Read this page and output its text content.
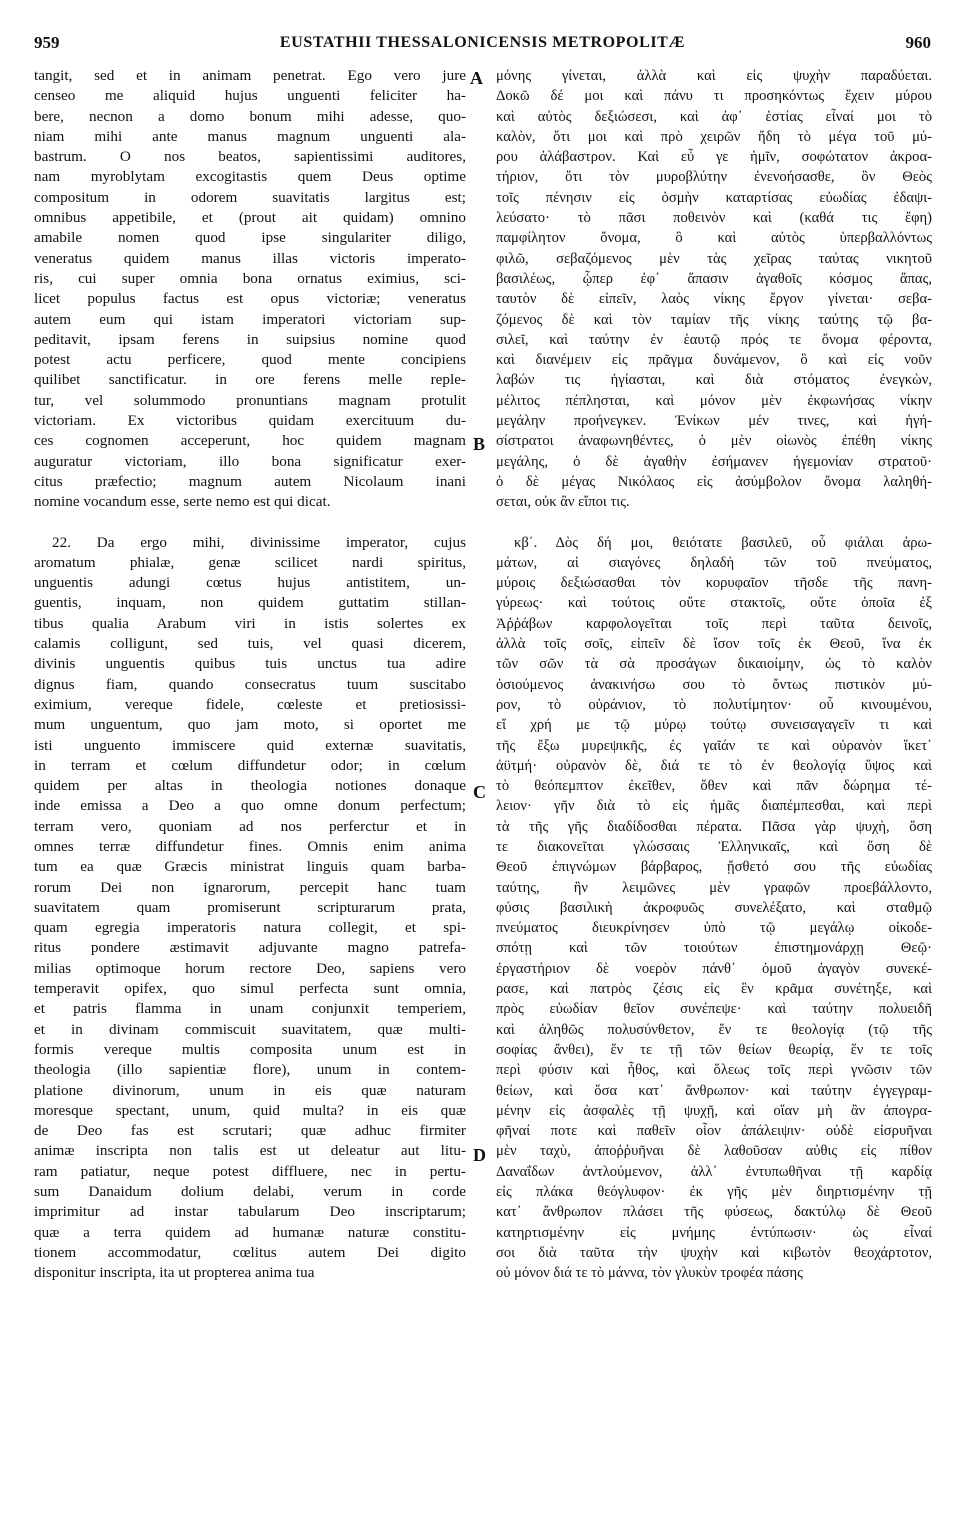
959	EUSTATHII THESSALONICENSIS METROPOLITÆ	960
tangit, sed et in animam penetrat. Ego vero jure
censeo me aliquid hujus unguenti feliciter ha-
bere, necnon a domo bonum mihi adesse, quo-
niam mihi ante manus magnum unguenti ala-
bastrum. O nos beatos, sapientissimi auditores,
nam myroblytam excogitastis quem Deus optime
compositum in odorem suavitatis largitus est;
omnibus appetibile, et (prout ait quidam) omnino
amabile nomen quod ipse singulariter diligo,
veneratus quidem manus illas victoris imperato-
ris, cui super omnia bona ornatus eximius, sci-
licet populus factus est opus victoriæ; veneratus
autem eum qui istam imperatori victoriam sup-
peditavit, ipsam ferens in suipsius nomine quod
potest actu perficere, quod mente concipiens
quilibet sanctificatur. in ore ferens melle reple-
tur, vel solummodo pronuntians magnam protulit
victoriam. Ex victoribus quidam exercituum du-
ces cognomen acceperunt, hoc quidem magnam
auguratur victoriam, illo bona significatur exer-
citus præfectio; magnum autem Nicolaum inani
nomine vocandum esse, serte nemo est qui dicat.
22. Da ergo mihi, divinissime imperator, cujus
aromatum phialæ, genæ scilicet nardi spiritus,
unguentis adungi cœtus hujus antistitem, un-
guentis, inquam, non quidem guttatim stillan-
tibus qualia Arabum viri in istis solertes ex
calamis colligunt, sed tuis, vel quasi dicerem,
divinis unguentis quibus tuis unctus tua adire
dignus fiam, quando consecratus tuum suscitabo
eximium, vereque fidele, cœleste et pretiosissi-
mum unguentum, quo jam moto, si oportet me
isti unguento immiscere quid externæ suavitatis,
in terram et cœlum diffundetur odor; in cœlum
quidem per altas in theologia notiones donaque
inde emissa a Deo a quo omne donum perfectum;
terram vero, quoniam ad nos perferctur et in
omnes terræ diffundetur fines. Omnis enim anima
tum ea quæ Græcis ministrat linguis quam barba-
rorum Dei non ignarorum, percepit hanc tuam
suavitatem quam promiserunt scripturarum prata,
quam egregia imperatoris natura collegit, et spi-
ritus pondere æstimavit adjuvante magno patrefa-
milias optimoque horum rectore Deo, sapiens vero
temperavit opifex, quo simul perfecta sunt omnia,
et patris flamma in unam conjunxit temperiem,
et in divinam commiscuit suavitatem, quæ multi-
formis vereque multis composita unum est in
theologia (illo sapientiæ flore), unum in contem-
platione divinorum, unum in eis quæ naturam
moresque spectant, unum, quid multa? in eis quæ
de Deo fas est scrutari; quæ adhuc firmiter
animæ inscripta non talis est ut deleatur aut litu-
ram patiatur, neque potest diffluere, nec in pertu-
sum Danaidum dolium delabi, verum in corde
imprimitur ad instar tabularum Deo inscriptarum;
quæ a terra quidem ad humanæ naturæ constitu-
tionem accommodatur, cœlitus autem Dei digito
disponitur inscripta, ita ut propterea anima tua
μόνης γίνεται, ἀλλὰ καὶ εἰς ψυχὴν παραδύεται.
Δοκῶ δέ μοι καὶ πάνυ τι προσηκόντως ἔχειν μύρου
καὶ αὐτὸς δεξιώσεσι, καὶ ἀφ᾽ ἑστίας εἶναί μοι τὸ
καλὸν, ὅτι μοι καὶ πρὸ χειρῶν ἤδη τὸ μέγα τοῦ μύ-
ρου ἀλάβαστρον. Καὶ εὖ γε ἡμῖν, σοφώτατον ἀκροα-
τήριον, ὅτι τὸν μυροβλύτην ἐνενοήσασθε, ὃν Θεὸς
τοῖς πένησιν εἰς ὀσμὴν καταρτίσας εὐωδίας ἐδαψι-
λεύσατο· τὸ πᾶσι ποθεινὸν καὶ (καθά τις ἔφη)
παμφίλητον ὄνομα, ὃ καὶ αὐτὸς ὑπερβαλλόντως
φιλῶ, σεβαζόμενος μὲν τὰς χεῖρας ταύτας νικητοῦ
βασιλέως, ᾧπερ ἐφ᾽ ἅπασιν ἀγαθοῖς κόσμος ἅπας,
ταυτὸν δὲ εἰπεῖν, λαὸς νίκης ἔργον γίνεται· σεβα-
ζόμενος δὲ καὶ τὸν ταμίαν τῆς νίκης ταύτης τῷ βα-
σιλεῖ, καὶ ταύτην ἐν ἑαυτῷ πρός τε ὄνομα φέροντα,
καὶ διανέμειν εἰς πρᾶγμα δυνάμενον, ὃ καὶ εἰς νοῦν
λαβών τις ἡγίασται, καὶ διὰ στόματος ἐνεγκὼν,
μέλιτος πέπλησται, καὶ μόνον μὲν ἐκφωνήσας νίκην
μεγάλην προήνεγκεν. Ἐνίκων μέν τινες, καὶ ἡγή-
σίστρατοι ἀναφωνηθέντες, ὁ μὲν οἰωνὸς ἐπέθη νίκης
μεγάλης, ὁ δὲ ἀγαθὴν ἐσήμανεν ἡγεμονίαν στρατοῦ·
ὁ δὲ μέγας Νικόλαος εἰς ἀσύμβολον ὄνομα λαληθή-
σεται, οὐκ ἂν εἴποι τις.
κβ΄. Δὸς δή μοι, θειότατε βασιλεῦ, οὗ φιάλαι ἀρω-
μάτων, αἱ σιαγόνες δηλαδὴ τῶν τοῦ πνεύματος,
μύροις δεξιώσασθαι τὸν κορυφαῖον τῆσδε τῆς πανη-
γύρεως· καὶ τούτοις οὔτε στακτοῖς, οὔτε ὁποῖα ἐξ
Ἀῤῥάβων καρφολογεῖται τοῖς περὶ ταῦτα δεινοῖς,
ἀλλὰ τοῖς σοῖς, εἰπεῖν δὲ ἴσον τοῖς ἐκ Θεοῦ, ἵνα ἐκ
τῶν σῶν τὰ σὰ προσάγων δικαιοίμην, ὡς τὸ καλὸν
ὁσιούμενος ἀνακινήσω σου τὸ ὄντως πιστικὸν μύ-
ρον, τὸ οὐράνιον, τὸ πολυτίμητον· οὗ κινουμένου,
εἴ χρή με τῷ μύρῳ τούτῳ συνεισαγαγεῖν τι καὶ
τῆς ἔξω μυρεψικῆς, ἐς γαῖάν τε καὶ οὐρανὸν ἵκετ᾽
ἀϋτμή· οὐρανὸν δὲ, διά τε τὸ ἐν θεολογίᾳ ὕψος καὶ
τὸ θεόπεμπτον ἐκεῖθεν, ὅθεν καὶ πᾶν δώρημα τέ-
λειον· γῆν διὰ τὸ εἰς ἡμᾶς διαπέμπεσθαι, καὶ περὶ
τὰ τῆς γῆς διαδίδοσθαι πέρατα. Πᾶσα γὰρ ψυχὴ, ὅση
τε διακονεῖται γλώσσαις Ἑλληνικαῖς, καὶ ὅση δὲ
Θεοῦ ἐπιγνώμων βάρβαρος, ᾔσθετό σου τῆς εὐωδίας
ταύτης, ἣν λειμῶνες μὲν γραφῶν προεβάλλοντο,
φύσις βασιλικὴ ἀκροφυῶς συνελέξατο, καὶ σταθμῷ
πνεύματος διευκρίνησεν ὑπὸ τῷ μεγάλῳ οἰκοδε-
σπότῃ καὶ τῶν τοιούτων ἐπιστημονάρχῃ Θεῷ·
ἐργαστήριον δὲ νοερὸν πάνθ᾽ ὁμοῦ ἀγαγὸν συνεκέ-
ρασε, καὶ πατρὸς ζέσις εἰς ἓν κρᾶμα συνέτηξε, καὶ
πρὸς εὐωδίαν θεῖον συνέπεψε· καὶ ταύτην πολυειδῆ
καὶ ἀληθῶς πολυσύνθετον, ἕν τε θεολογίᾳ (τῷ τῆς
σοφίας ἄνθει), ἕν τε τῇ τῶν θείων θεωρίᾳ, ἕν τε τοῖς
περὶ φύσιν καὶ ἦθος, καὶ ὅλεως τοῖς περὶ γνῶσιν τῶν
θείων, καὶ ὅσα κατ᾽ ἄνθρωπον· καὶ ταύτην ἐγγεγραμ-
μένην εἰς ἀσφαλὲς τῇ ψυχῇ, καὶ οἵαν μὴ ἂν ἀπογρα-
φῆναί ποτε καὶ παθεῖν οἷον ἀπάλειψιν· οὐδὲ εἰσρυῆναι
μὲν ταχὺ, ἀποῤῥυῆναι δὲ λαθοῦσαν αὐθις εἰς πίθον
Δαναΐδων ἀντλούμενον, ἀλλ᾽ ἐντυπωθῆναι τῇ καρδίᾳ
εἰς πλάκα θεόγλυφον· ἐκ γῆς μὲν διηρτισμένην τῇ
κατ᾽ ἄνθρωπον πλάσει τῆς φύσεως, δακτύλῳ δὲ Θεοῦ
κατηρτισμένην εἰς μνήμης ἐντύπωσιν· ὡς εἶναί
σοι διὰ ταῦτα τὴν ψυχὴν καὶ κιβωτὸν θεοχάρτοτον,
οὐ μόνον διά τε τὸ μάννα, τὸν γλυκὺν τροφέα πάσης
A
B
C
D
